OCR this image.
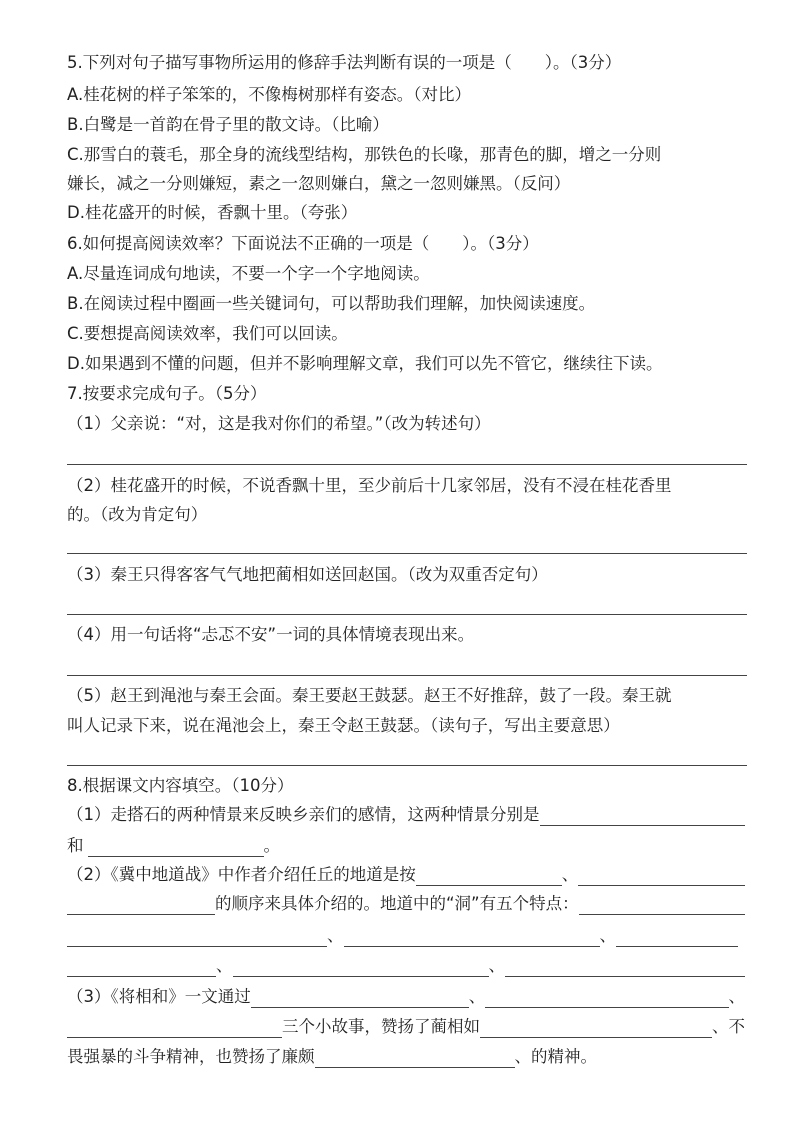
5.下列对句子描写事物所运用的修辞手法判断有误的一项是（　　）。（3分）
A.桂花树的样子笨笨的，不像梅树那样有姿态。（对比）
B.白鹭是一首韵在骨子里的散文诗。（比喻）
C.那雪白的蓑毛，那全身的流线型结构，那铁色的长喙，那青色的脚，增之一分则
嫌长，减之一分则嫌短，素之一忽则嫌白，黛之一忽则嫌黑。（反问）
D.桂花盛开的时候，香飘十里。（夸张）
6.如何提高阅读效率？下面说法不正确的一项是（　　）。（3分）
A.尽量连词成句地读，不要一个字一个字地阅读。
B.在阅读过程中圈画一些关键词句，可以帮助我们理解，加快阅读速度。
C.要想提高阅读效率，我们可以回读。
D.如果遇到不懂的问题，但并不影响理解文章，我们可以先不管它，继续往下读。
7.按要求完成句子。（5分）
（1）父亲说：“对，这是我对你们的希望。”（改为转述句）
（2）桂花盛开的时候，不说香飘十里，至少前后十几家邻居，没有不浸在桂花香里
的。（改为肯定句）
（3）秦王只得客客气气地把蔺相如送回赵国。（改为双重否定句）
（4）用一句话将“忐忑不安”一词的具体情境表现出来。
（5）赵王到渑池与秦王会面。秦王要赵王鼓瑟。赵王不好推辞，鼓了一段。秦王就
叫人记录下来，说在渑池会上，秦王令赵王鼓瑟。（读句子，写出主要意思）
8.根据课文内容填空。（10分）
（1）走搭石的两种情景来反映乡亲们的感情，这两种情景分别是
和	。
（2）《冀中地道战》中作者介绍任丘的地道是按	、
的顺序来具体介绍的。地道中的“洞”有五个特点：
、	、
、	、
（3）《将相和》一文通过	、	、
三个小故事，赞扬了蔺相如	、不
畏强暴的斗争精神，也赞扬了廉颇	、的精神。
